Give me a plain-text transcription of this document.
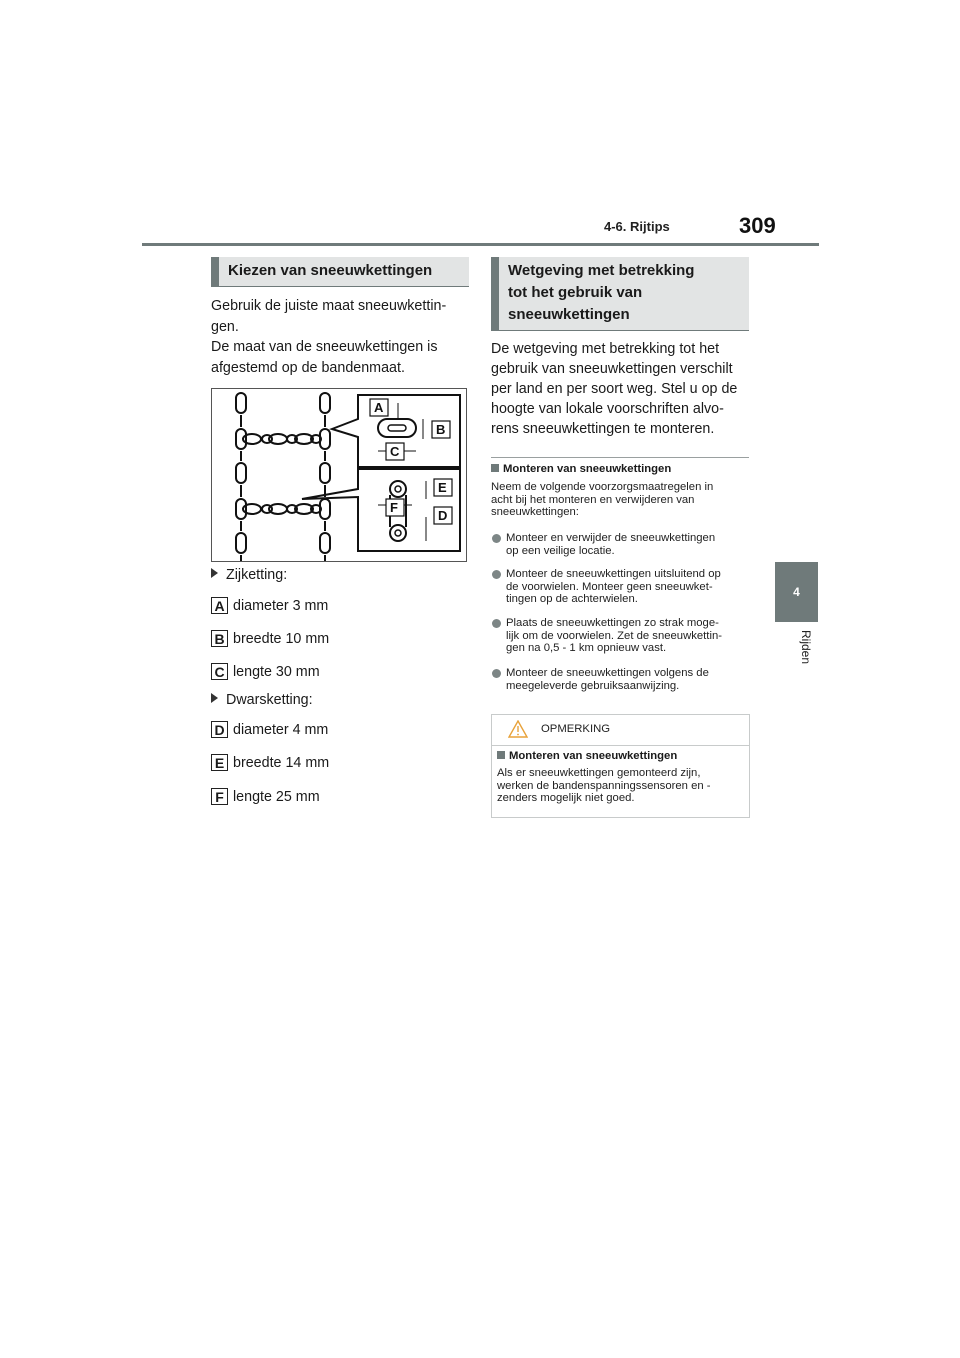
4-6. Rijtips	309
4
Rijden
Kiezen van sneeuwkettingen
Gebruik de juiste maat sneeuwkettin-
gen.
De maat van de sneeuwkettingen is
afgestemd op de bandenmaat.
A
B
C
E
F
D
Zijketting:
A diameter 3 mm
B breedte 10 mm
C lengte 30 mm
Dwarsketting:
D diameter 4 mm
E breedte 14 mm
F lengte 25 mm
Wetgeving met betrekking
tot het gebruik van
sneeuwkettingen
De wetgeving met betrekking tot het
gebruik van sneeuwkettingen verschilt
per land en per soort weg. Stel u op de
hoogte van lokale voorschriften alvo-
rens sneeuwkettingen te monteren.
Monteren van sneeuwkettingen
Neem de volgende voorzorgsmaatregelen in
acht bij het monteren en verwijderen van
sneeuwkettingen:
Monteer en verwijder de sneeuwkettingen
op een veilige locatie.
Monteer de sneeuwkettingen uitsluitend op
de voorwielen. Monteer geen sneeuwket-
tingen op de achterwielen.
Plaats de sneeuwkettingen zo strak moge-
lijk om de voorwielen. Zet de sneeuwkettin-
gen na 0,5 - 1 km opnieuw vast.
Monteer de sneeuwkettingen volgens de
meegeleverde gebruiksaanwijzing.
OPMERKING
Monteren van sneeuwkettingen
Als er sneeuwkettingen gemonteerd zijn,
werken de bandenspanningssensoren en -
zenders mogelijk niet goed.
